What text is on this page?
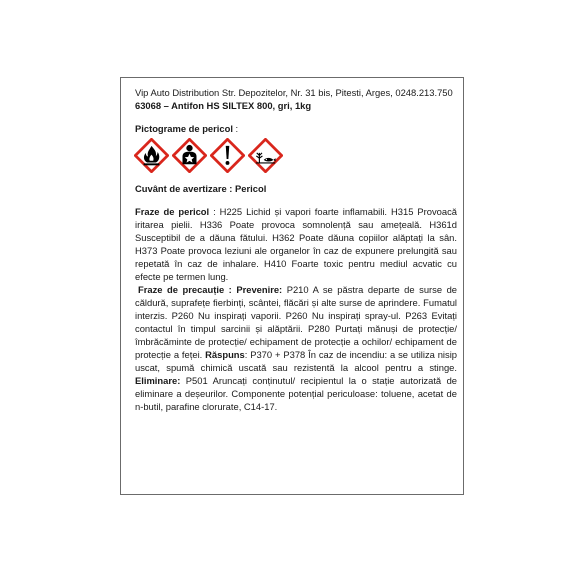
Vip Auto Distribution Str. Depozitelor, Nr. 31 bis, Pitesti, Arges, 0248.213.750

63068 – Antifon HS SILTEX 800, gri, 1kg

Pictograme de pericol :

Cuvânt de avertizare : Pericol

Fraze de pericol : H225 Lichid și vapori foarte inflamabili. H315 Provoacă iritarea pielii. H336 Poate provoca somnolență sau amețeală. H361d Susceptibil de a dăuna fătului. H362 Poate dăuna copiilor alăptați la sân. H373 Poate provoca leziuni ale organelor în caz de expunere prelungită sau repetată în caz de inhalare. H410 Foarte toxic pentru mediul acvatic cu efecte pe termen lung.

Fraze de precauție : Prevenire: P210 A se păstra departe de surse de căldură, suprafețe fierbinți, scântei, flăcări și alte surse de aprindere. Fumatul interzis. P260 Nu inspirați vaporii. P260 Nu inspirați spray-ul. P263 Evitați contactul în timpul sarcinii și alăptării. P280 Purtați mănuși de protecție/ îmbrăcăminte de protecție/ echipament de protecție a ochilor/ echipament de protecție a feței. Răspuns: P370 + P378 În caz de incendiu: a se utiliza nisip uscat, spumă chimică uscată sau rezistentă la alcool pentru a stinge. Eliminare: P501 Aruncați conținutul/ recipientul la o stație autorizată de eliminare a deșeurilor. Componente potențial periculoase: toluene, acetat de n-butil, parafine clorurate, C14-17.
